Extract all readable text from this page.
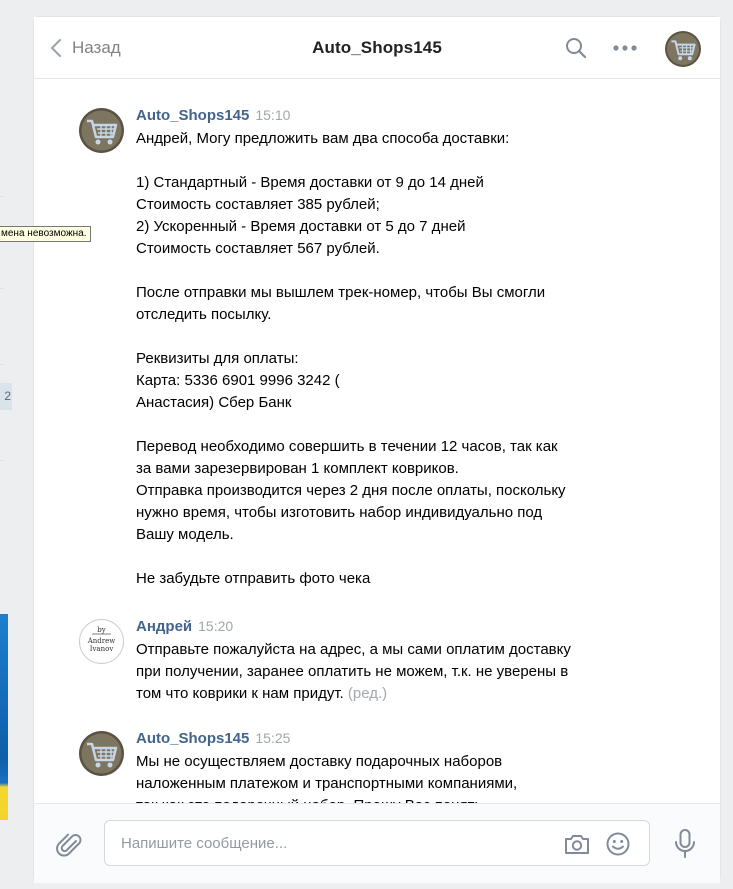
2
мена невозможна.
Назад	Auto_Shops145
Auto_Shops145 15:10
Андрей, Могу предложить вам два способа доставки:

1) Стандартный - Время доставки от 9 до 14 дней
Стоимость составляет 385 рублей;
2) Ускоренный - Время доставки от 5 до 7 дней
Стоимость составляет 567 рублей.

После отправки мы вышлем трек-номер, чтобы Вы смогли
отследить посылку.

Реквизиты для оплаты:
Карта: 5336 6901 9996 3242 (
Анастасия) Сбер Банк

Перевод необходимо совершить в течении 12 часов, так как
за вами зарезервирован 1 комплект ковриков.
Отправка производится через 2 дня после оплаты, поскольку
нужно время, чтобы изготовить набор индивидуально под
Вашу модель.

Не забудьте отправить фото чека
by
Andrew
Ivanov
Андрей 15:20
Отправьте пожалуйста на адрес, а мы сами оплатим доставку
при получении, заранее оплатить не можем, т.к. не уверены в
том что коврики к нам придут. (ред.)
Auto_Shops145 15:25
Мы не осуществляем доставку подарочных наборов
наложенным платежом и транспортными компаниями,

Напишите сообщение...
